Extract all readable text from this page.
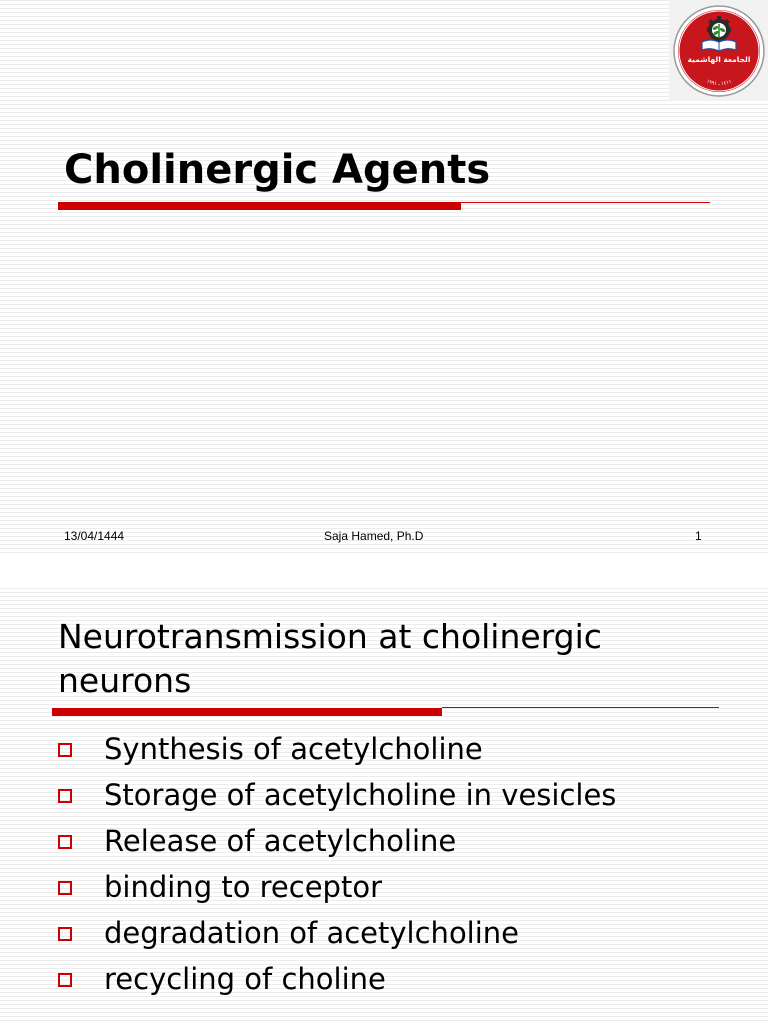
الجامعة الهاشمية
١٤١١ ـ ١٩٩١
Cholinergic Agents
13/04/1444	Saja Hamed, Ph.D	1
Neurotransmission at cholinergic neurons
Synthesis of acetylcholine
Storage of acetylcholine in vesicles
Release of acetylcholine
binding to receptor
degradation of acetylcholine
recycling of choline
